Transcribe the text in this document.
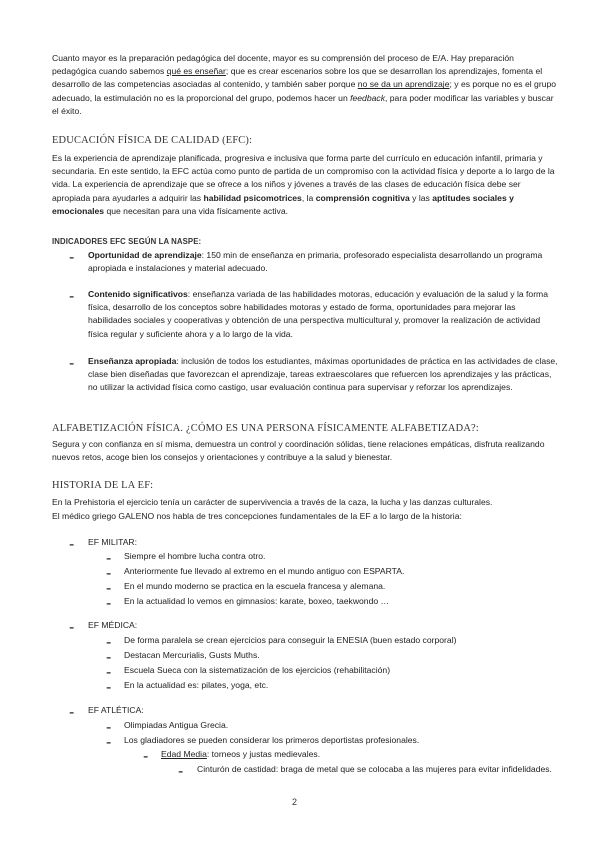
Cuanto mayor es la preparación pedagógica del docente, mayor es su comprensión del proceso de E/A. Hay preparación pedagógica cuando sabemos qué es enseñar; que es crear escenarios sobre los que se desarrollan los aprendizajes, fomenta el desarrollo de las competencias asociadas al contenido, y también saber porque no se da un aprendizaje; y es porque no es el grupo adecuado, la estimulación no es la proporcional del grupo, podemos hacer un feedback, para poder modificar las variables y buscar el éxito.

EDUCACIÓN FÍSICA DE CALIDAD (EFC):

Es la experiencia de aprendizaje planificada, progresiva e inclusiva que forma parte del currículo en educación infantil, primaria y secundaria. En este sentido, la EFC actúa como punto de partida de un compromiso con la actividad física y deporte a lo largo de la vida. La experiencia de aprendizaje que se ofrece a los niños y jóvenes a través de las clases de educación física debe ser apropiada para ayudarles a adquirir las habilidad psicomotrices, la comprensión cognitiva y las aptitudes sociales y emocionales que necesitan para una vida físicamente activa.

INDICADORES EFC SEGÚN LA NASPE:
- Oportunidad de aprendizaje: 150 min de enseñanza en primaria, profesorado especialista desarrollando un programa apropiada e instalaciones y material adecuado.

- Contenido significativos: enseñanza variada de las habilidades motoras, educación y evaluación de la salud y la forma física, desarrollo de los conceptos sobre habilidades motoras y estado de forma, oportunidades para mejorar las habilidades sociales y cooperativas y obtención de una perspectiva multicultural y, promover la realización de actividad física regular y suficiente ahora y a lo largo de la vida.

- Enseñanza apropiada: inclusión de todos los estudiantes, máximas oportunidades de práctica en las actividades de clase, clase bien diseñadas que favorezcan el aprendizaje, tareas extraescolares que refuercen los aprendizajes y las prácticas, no utilizar la actividad física como castigo, usar evaluación continua para supervisar y reforzar los aprendizajes.

ALFABETIZACIÓN FÍSICA. ¿CÓMO ES UNA PERSONA FÍSICAMENTE ALFABETIZADA?:

Segura y con confianza en sí misma, demuestra un control y coordinación sólidas, tiene relaciones empáticas, disfruta realizando nuevos retos, acoge bien los consejos y orientaciones y contribuye a la salud y bienestar.

HISTORIA DE LA EF:

En la Prehistoria el ejercicio tenía un carácter de supervivencia a través de la caza, la lucha y las danzas culturales.

El médico griego GALENO nos habla de tres concepciones fundamentales de la EF a lo largo de la historia:

- EF MILITAR:

- Siempre el hombre lucha contra otro.

- Anteriormente fue llevado al extremo en el mundo antiguo con ESPARTA.

- En el mundo moderno se practica en la escuela francesa y alemana.

- En la actualidad lo vemos en gimnasios: karate, boxeo, taekwondo …

- EF MÉDICA:

- De forma paralela se crean ejercicios para conseguir la ENESIA (buen estado corporal)

- Destacan Mercurialis, Gusts Muths.

- Escuela Sueca con la sistematización de los ejercicios (rehabilitación)

- En la actualidad es: pilates, yoga, etc.

- EF ATLÉTICA:

- Olimpiadas Antigua Grecia.

- Los gladiadores se pueden considerar los primeros deportistas profesionales.

- Edad Media: torneos y justas medievales.

- Cinturón de castidad: braga de metal que se colocaba a las mujeres para evitar infidelidades.

2
